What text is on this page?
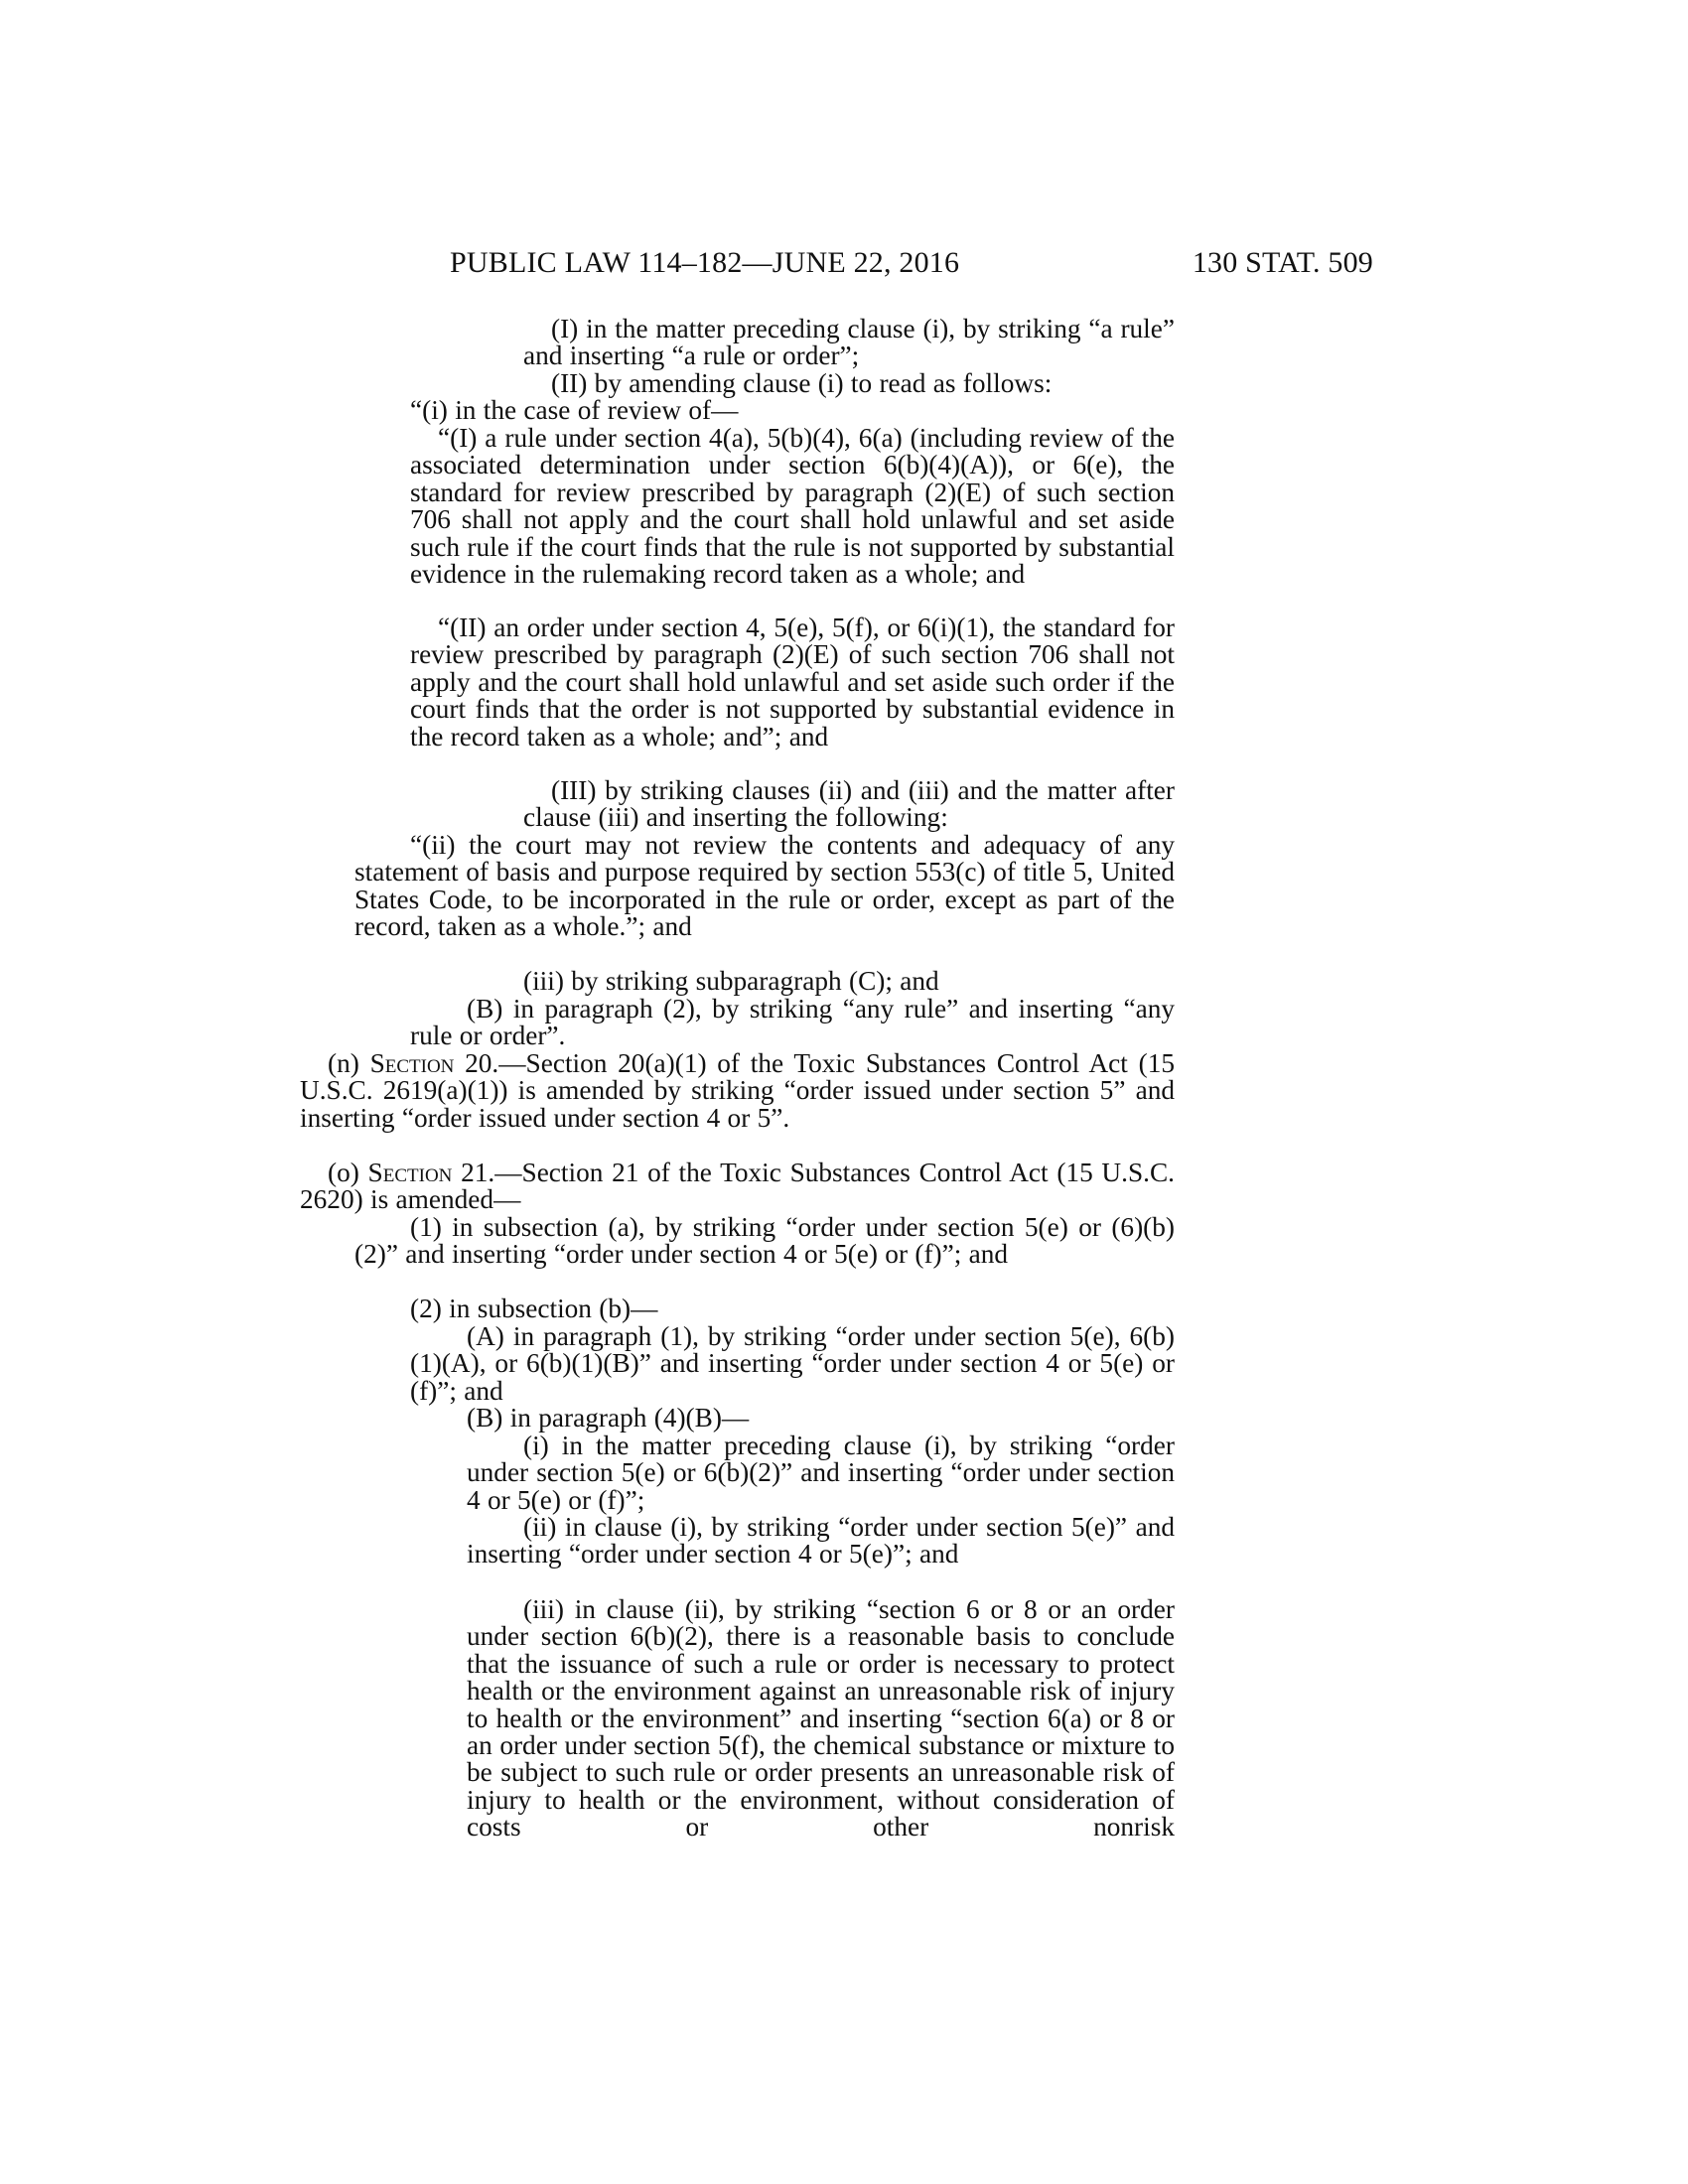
PUBLIC LAW 114–182—JUNE 22, 2016	130 STAT. 509

(I) in the matter preceding clause (i), by striking “a rule” and inserting “a rule or order”;

(II) by amending clause (i) to read as follows:

“(i) in the case of review of—

“(I) a rule under section 4(a), 5(b)(4), 6(a) (including review of the associated determination under section 6(b)(4)(A)), or 6(e), the standard for review prescribed by paragraph (2)(E) of such section 706 shall not apply and the court shall hold unlawful and set aside such rule if the court finds that the rule is not supported by substantial evidence in the rulemaking record taken as a whole; and

“(II) an order under section 4, 5(e), 5(f), or 6(i)(1), the standard for review prescribed by paragraph (2)(E) of such section 706 shall not apply and the court shall hold unlawful and set aside such order if the court finds that the order is not supported by substantial evidence in the record taken as a whole; and”; and

(III) by striking clauses (ii) and (iii) and the matter after clause (iii) and inserting the following:

“(ii) the court may not review the contents and adequacy of any statement of basis and purpose required by section 553(c) of title 5, United States Code, to be incorporated in the rule or order, except as part of the record, taken as a whole.”; and

(iii) by striking subparagraph (C); and

(B) in paragraph (2), by striking “any rule” and inserting “any rule or order”.

(n) Section 20.—Section 20(a)(1) of the Toxic Substances Control Act (15 U.S.C. 2619(a)(1)) is amended by striking “order issued under section 5” and inserting “order issued under section 4 or 5”.

(o) Section 21.—Section 21 of the Toxic Substances Control Act (15 U.S.C. 2620) is amended—

(1) in subsection (a), by striking “order under section 5(e) or (6)(b)(2)” and inserting “order under section 4 or 5(e) or (f)”; and

(2) in subsection (b)—

(A) in paragraph (1), by striking “order under section 5(e), 6(b)(1)(A), or 6(b)(1)(B)” and inserting “order under section 4 or 5(e) or (f)”; and

(B) in paragraph (4)(B)—

(i) in the matter preceding clause (i), by striking “order under section 5(e) or 6(b)(2)” and inserting “order under section 4 or 5(e) or (f)”;

(ii) in clause (i), by striking “order under section 5(e)” and inserting “order under section 4 or 5(e)”; and

(iii) in clause (ii), by striking “section 6 or 8 or an order under section 6(b)(2), there is a reasonable basis to conclude that the issuance of such a rule or order is necessary to protect health or the environment against an unreasonable risk of injury to health or the environment” and inserting “section 6(a) or 8 or an order under section 5(f), the chemical substance or mixture to be subject to such rule or order presents an unreasonable risk of injury to health or the environment, without consideration of costs or other nonrisk
